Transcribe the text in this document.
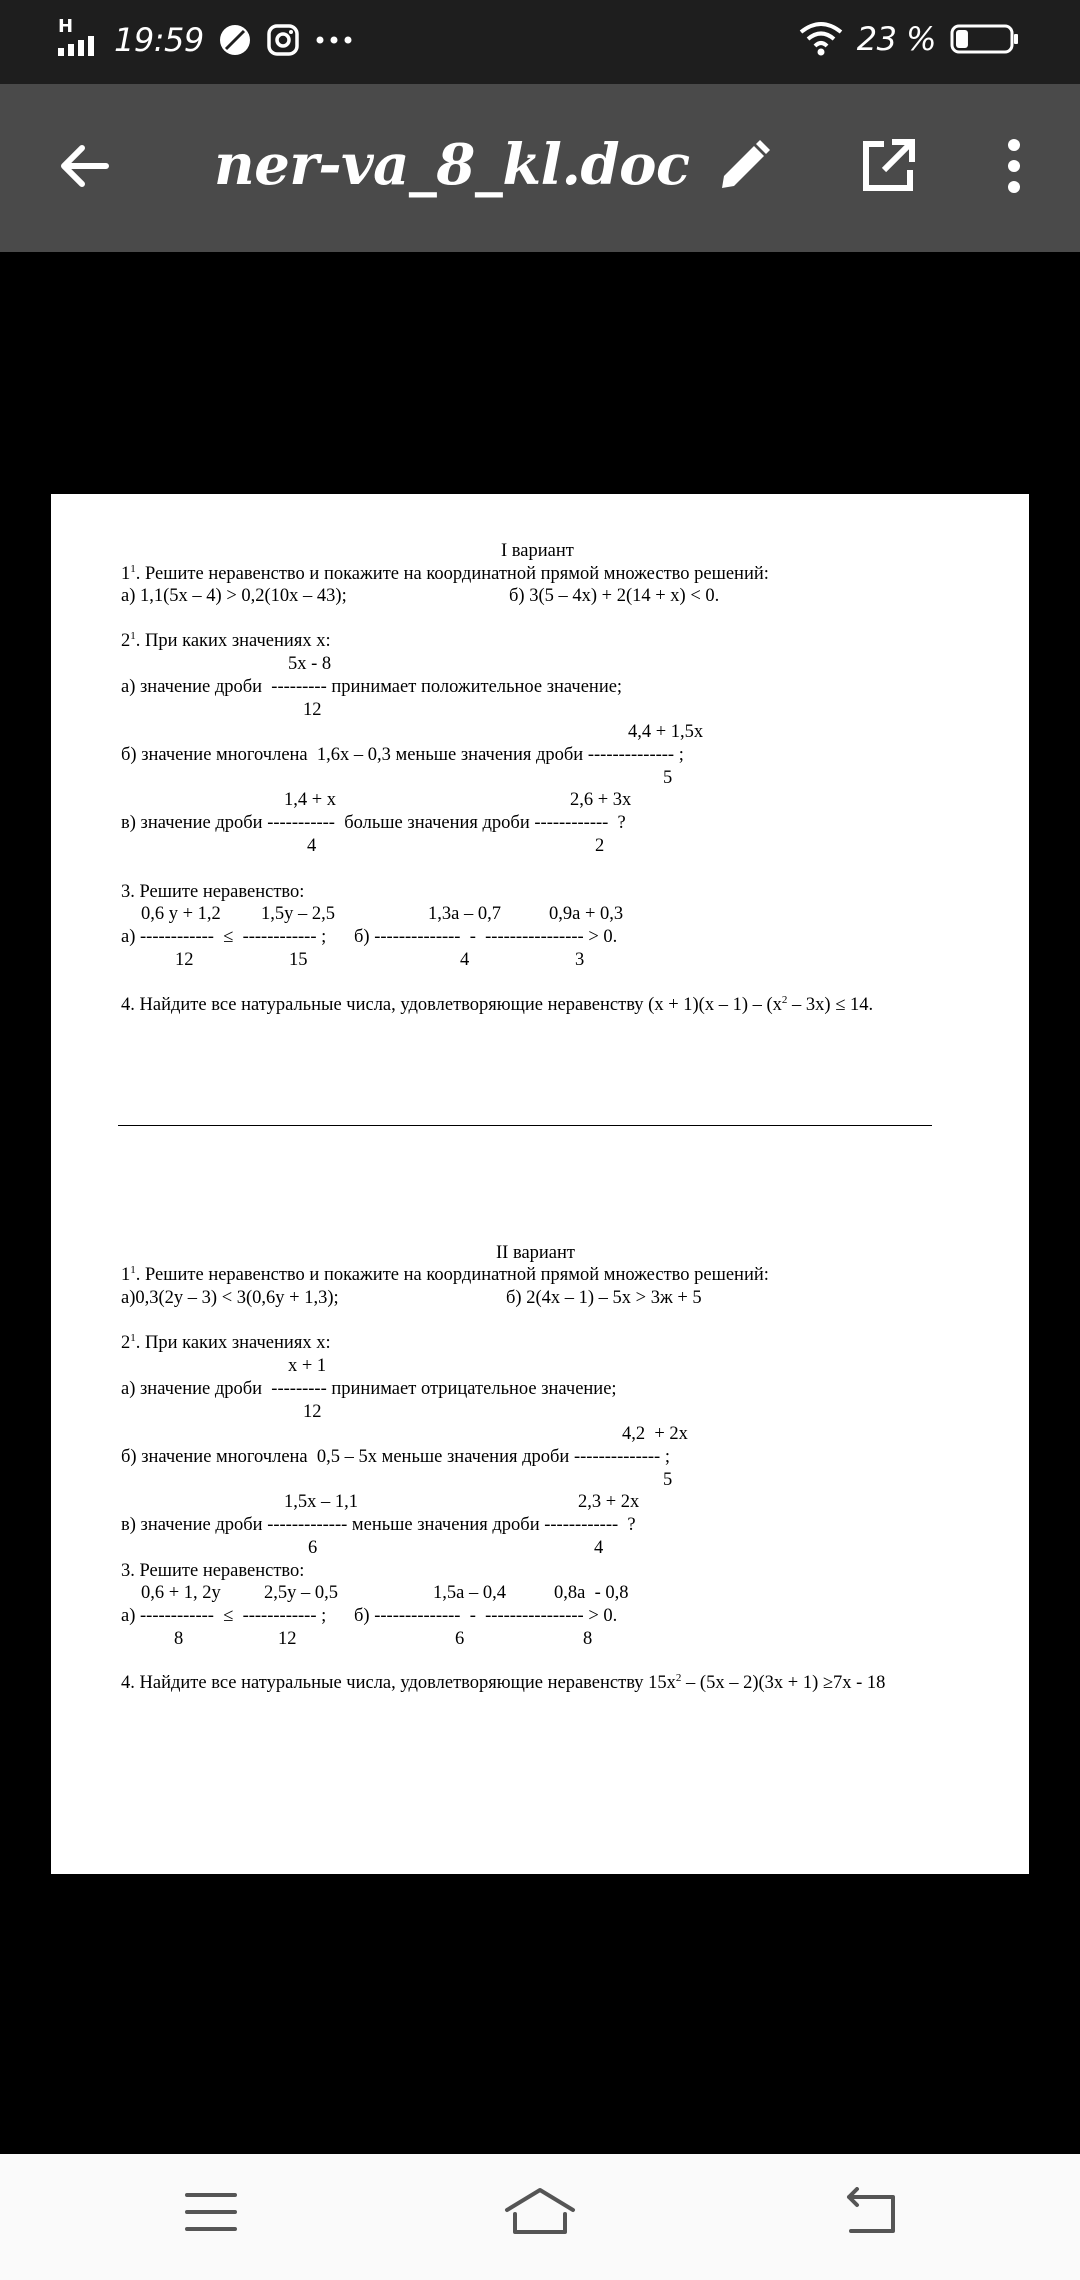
H 19:59	23 %
ner-va_8_kl.doc
I вариант
$1^1$. Решите неравенство и покажите на координатной прямой множество решений:
а) 1,1(5x – 4) > 0,2(10x – 43);	б) 3(5 – 4x) + 2(14 + x) < 0.
$2^1$. При каких значениях x:
5x - 8
а) значение дроби  --------- принимает положительное значение;
12
4,4 + 1,5x
б) значение многочлена  1,6x – 0,3 меньше значения дроби -------------- ;
5
1,4 + x	2,6 + 3x
в) значение дроби -----------  больше значения дроби ------------  ?
4	2
3. Решите неравенство:
0,6 y + 1,2 1,5y – 2,5	1,3a – 0,7	0,9a + 0,3
а) ------------  ≤  ------------ ;      б) --------------  -  ---------------- > 0.
12	15	4	3
4. Найдите все натуральные числа, удовлетворяющие неравенству $(x + 1)(x - 1) - (x^2 - 3x) \le 14$.
II вариант
$1^1$. Решите неравенство и покажите на координатной прямой множество решений:
а)0,3(2y – 3) < 3(0,6y + 1,3);	б) 2(4x – 1) – 5x > 3ж + 5
$2^1$. При каких значениях x:
x + 1
а) значение дроби  --------- принимает отрицательное значение;
12
4,2  + 2x
б) значение многочлена  0,5 – 5x меньше значения дроби -------------- ;
5
1,5x – 1,1	2,3 + 2x
в) значение дроби ------------- меньше значения дроби ------------  ?
6	4
3. Решите неравенство:
0,6 + 1, 2y 2,5y – 0,5	1,5a – 0,4	0,8a  - 0,8
а) ------------  ≤  ------------ ;      б) --------------  -  ---------------- > 0.
8	12	6	8
4. Найдите все натуральные числа, удовлетворяющие неравенству $15x^2 - (5x - 2)(3x + 1) \ge 7x - 18$
